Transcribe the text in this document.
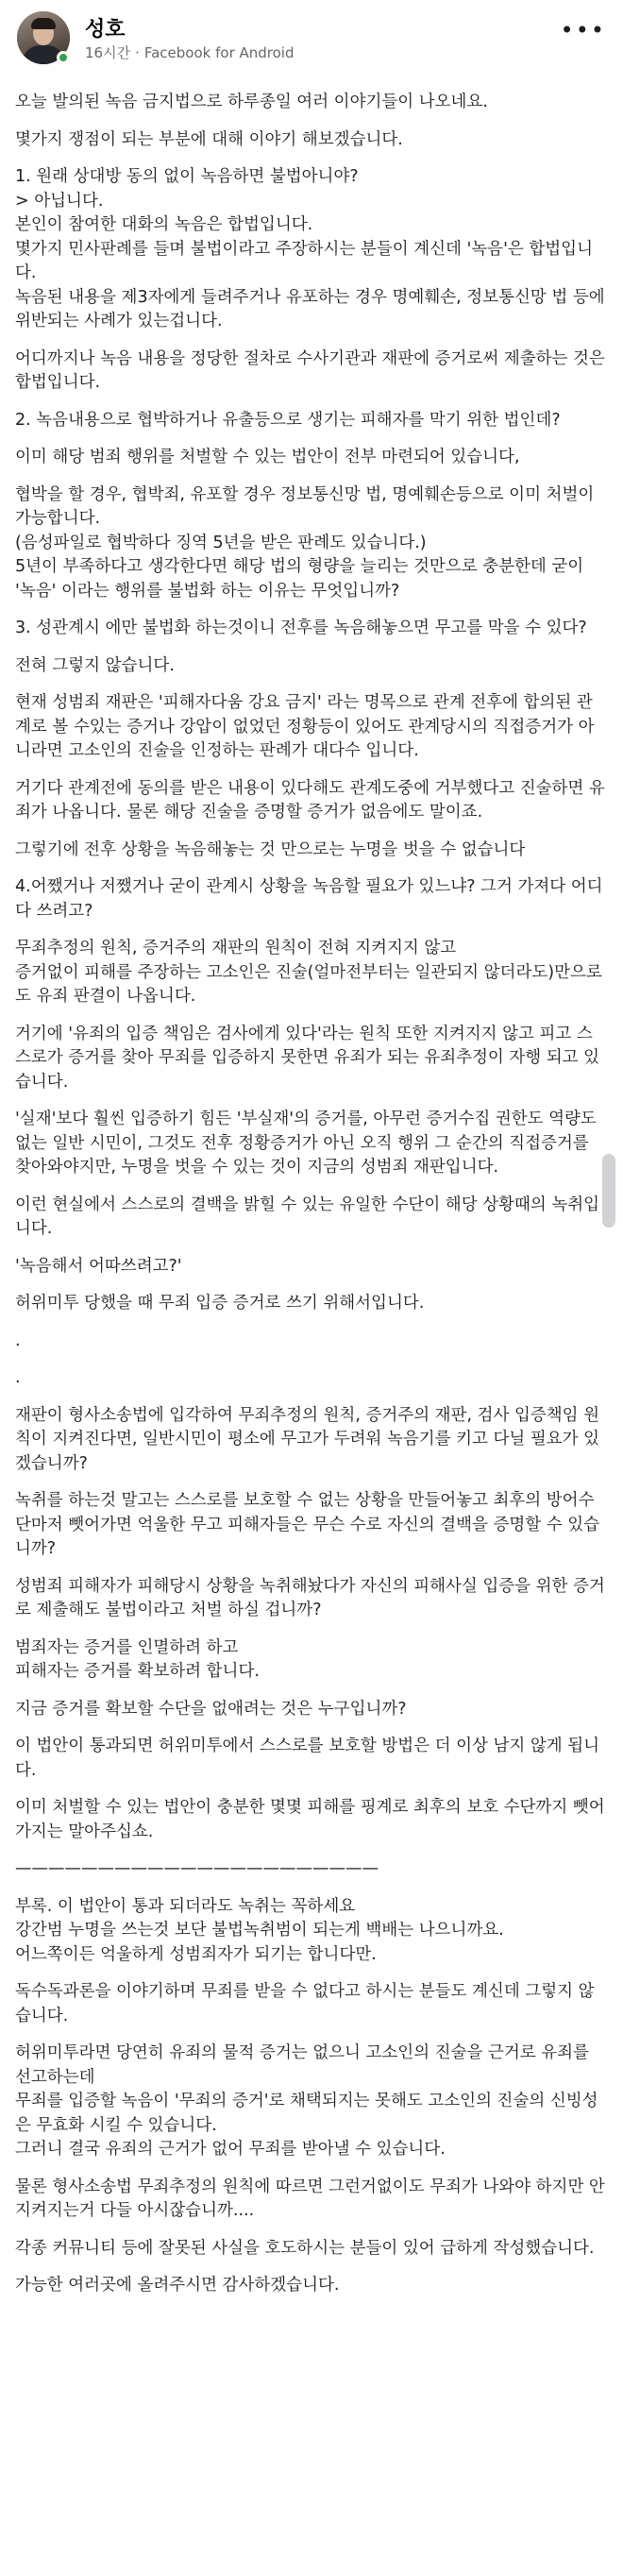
성호
16시간 · Facebook for Android
•••

오늘 발의된 녹음 금지법으로 하루종일 여러 이야기들이 나오네요.

몇가지 쟁점이 되는 부분에 대해 이야기 해보겠습니다.

1. 원래 상대방 동의 없이 녹음하면 불법아니야?

> 아닙니다.

본인이 참여한 대화의 녹음은 합법입니다.

몇가지 민사판례를 들며 불법이라고 주장하시는 분들이 계신데 '녹음'은 합법입니다.

녹음된 내용을 제3자에게 들려주거나 유포하는 경우 명예훼손, 정보통신망 법 등에 위반되는 사례가 있는겁니다.

어디까지나 녹음 내용을 정당한 절차로 수사기관과 재판에 증거로써 제출하는 것은 합법입니다.

2. 녹음내용으로 협박하거나 유출등으로 생기는 피해자를 막기 위한 법인데?

이미 해당 범죄 행위를 처벌할 수 있는 법안이 전부 마련되어 있습니다,

협박을 할 경우, 협박죄, 유포할 경우 정보통신망 법, 명예훼손등으로 이미 처벌이 가능합니다.

(음성파일로 협박하다 징역 5년을 받은 판례도 있습니다.)

5년이 부족하다고 생각한다면 해당 법의 형량을 늘리는 것만으로 충분한데 굳이 '녹음' 이라는 행위를 불법화 하는 이유는 무엇입니까?

3. 성관계시 에만 불법화 하는것이니 전후를 녹음해놓으면 무고를 막을 수 있다?

전혀 그렇지 않습니다.

현재 성범죄 재판은 '피해자다움 강요 금지' 라는 명목으로 관계 전후에 합의된 관계로 볼 수있는 증거나 강압이 없었던 정황등이 있어도 관계당시의 직접증거가 아니라면 고소인의 진술을 인정하는 판례가 대다수 입니다.

거기다 관계전에 동의를 받은 내용이 있다해도 관계도중에 거부했다고 진술하면 유죄가 나옵니다. 물론 해당 진술을 증명할 증거가 없음에도 말이죠.

그렇기에 전후 상황을 녹음해놓는 것 만으로는 누명을 벗을 수 없습니다

4.어쨌거나 저쨌거나 굳이 관계시 상황을 녹음할 필요가 있느냐? 그거 가져다 어디다 쓰려고?

무죄추정의 원칙, 증거주의 재판의 원칙이 전혀 지켜지지 않고

증거없이 피해를 주장하는 고소인은 진술(얼마전부터는 일관되지 않더라도)만으로도 유죄 판결이 나옵니다.

거기에 '유죄의 입증 책임은 검사에게 있다'라는 원칙 또한 지켜지지 않고 피고 스스로가 증거를 찾아 무죄를 입증하지 못한면 유죄가 되는 유죄추정이 자행 되고 있습니다.

'실재'보다 훨씬 입증하기 힘든 '부실재'의 증거를, 아무런 증거수집 권한도 역량도 없는 일반 시민이, 그것도 전후 정황증거가 아닌 오직 행위 그 순간의 직접증거를 찾아와야지만, 누명을 벗을 수 있는 것이 지금의 성범죄 재판입니다.

이런 현실에서 스스로의 결백을 밝힐 수 있는 유일한 수단이 해당 상황때의 녹취입니다.

'녹음해서 어따쓰려고?'

허위미투 당했을 때 무죄 입증 증거로 쓰기 위해서입니다.

.

.

재판이 형사소송법에 입각하여 무죄추정의 원칙, 증거주의 재판, 검사 입증책임 원칙이 지켜진다면, 일반시민이 평소에 무고가 두려워 녹음기를 키고 다닐 필요가 있겠습니까?

녹취를 하는것 말고는 스스로를 보호할 수 없는 상황을 만들어놓고 최후의 방어수단마저 뺏어가면 억울한 무고 피해자들은 무슨 수로 자신의 결백을 증명할 수 있습니까?

성범죄 피해자가 피해당시 상황을 녹취해놨다가 자신의 피해사실 입증을 위한 증거로 제출해도 불법이라고 처벌 하실 겁니까?

범죄자는 증거를 인멸하려 하고

피해자는 증거를 확보하려 합니다.

지금 증거를 확보할 수단을 없애려는 것은 누구입니까?

이 법안이 통과되면 허위미투에서 스스로를 보호할 방법은 더 이상 남지 않게 됩니다.

이미 처벌할 수 있는 법안이 충분한 몇몇 피해를 핑계로 최후의 보호 수단까지 뺏어가지는 말아주십쇼.

——————————————————————

부록. 이 법안이 통과 되더라도 녹취는 꼭하세요

강간범 누명을 쓰는것 보단 불법녹취범이 되는게 백배는 나으니까요.

어느쪽이든 억울하게 성범죄자가 되기는 합니다만.

독수독과론을 이야기하며 무죄를 받을 수 없다고 하시는 분들도 계신데 그렇지 않습니다.

허위미투라면 당연히 유죄의 물적 증거는 없으니 고소인의 진술을 근거로 유죄를 선고하는데

무죄를 입증할 녹음이 '무죄의 증거'로 채택되지는 못해도 고소인의 진술의 신빙성은 무효화 시킬 수 있습니다.

그러니 결국 유죄의 근거가 없어 무죄를 받아낼 수 있습니다.

물론 형사소송법 무죄추정의 원칙에 따르면 그런거없이도 무죄가 나와야 하지만 안 지켜지는거 다들 아시잖습니까....

각종 커뮤니티 등에 잘못된 사실을 호도하시는 분들이 있어 급하게 작성했습니다.

가능한 여러곳에 올려주시면 감사하겠습니다.
